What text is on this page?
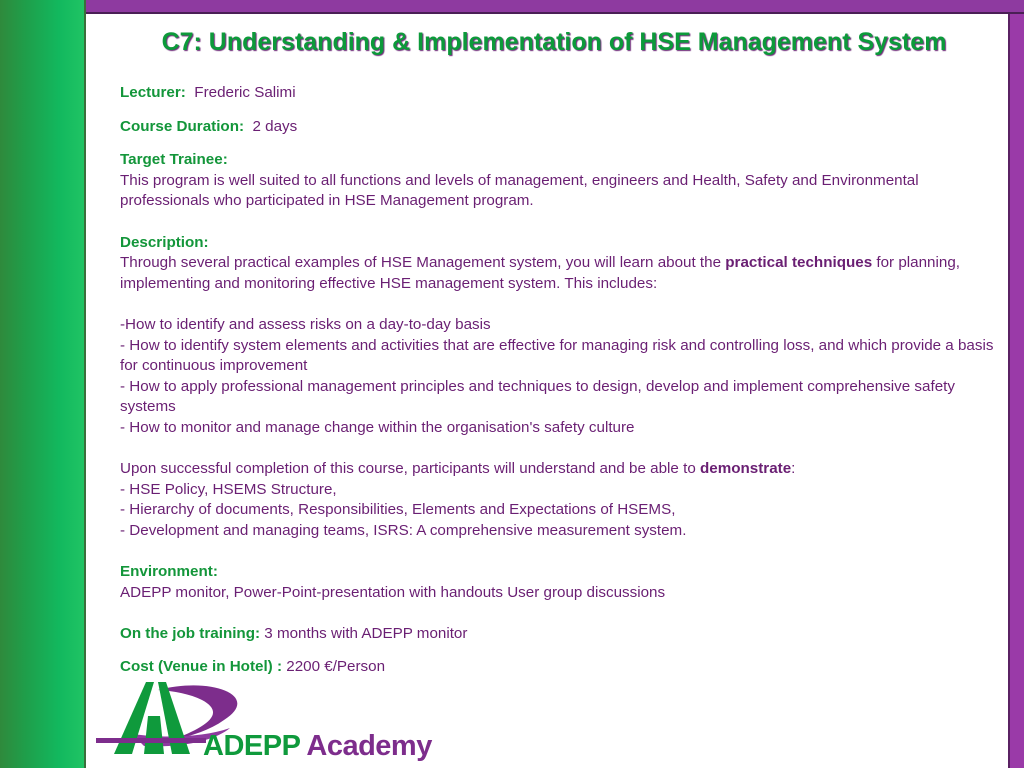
C7: Understanding & Implementation of HSE Management System

Lecturer: Frederic Salimi

Course Duration: 2 days

Target Trainee:

This program is well suited to all functions and levels of management, engineers and Health, Safety and Environmental professionals who participated in HSE Management program.

Description:

Through several practical examples of HSE Management system, you will learn about the practical techniques for planning, implementing and monitoring effective HSE management system. This includes:

-How to identify and assess risks on a day-to-day basis

- How to identify system elements and activities that are effective for managing risk and controlling loss, and which provide a basis for continuous improvement

- How to apply professional management principles and techniques to design, develop and implement comprehensive safety systems

- How to monitor and manage change within the organisation's safety culture

Upon successful completion of this course, participants will understand and be able to demonstrate:

- HSE Policy, HSEMS Structure,

- Hierarchy of documents, Responsibilities, Elements and Expectations of HSEMS,

- Development and managing teams, ISRS: A comprehensive measurement system.

Environment:

ADEPP monitor, Power-Point-presentation with handouts User group discussions

On the job training: 3 months with ADEPP monitor

Cost (Venue in Hotel) : 2200 €/Person

ADEPP Academy
